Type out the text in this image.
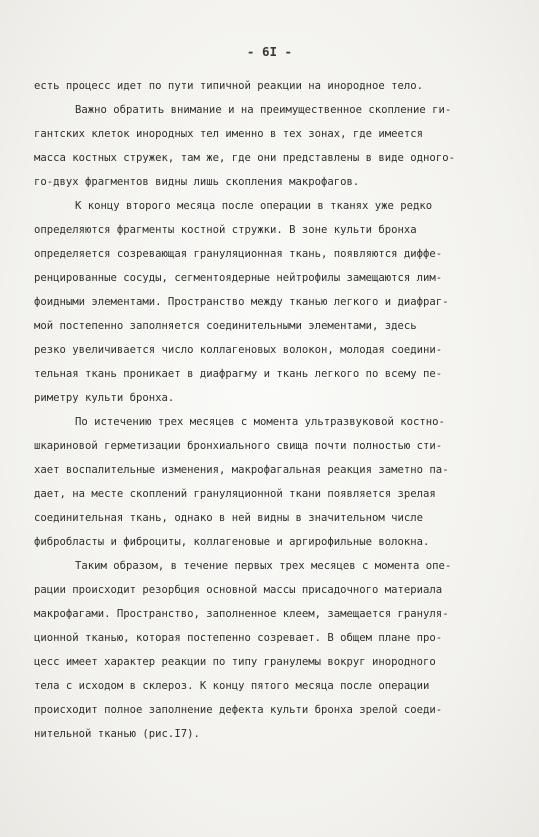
- 6I -
есть процесс идет по пути типичной реакции на инородное тело.
Важно обратить внимание и на преимущественное скопление ги-
гантских клеток инородных тел именно в тех зонах, где имеется
масса костных стружек, там же, где они представлены в виде одного-
го-двух фрагментов видны лишь скопления макрофагов.
К концу второго месяца после операции в тканях уже редко
определяются фрагменты костной стружки. В зоне культи бронха
определяется созревающая грануляционная ткань, появляются диффе-
ренцированные сосуды, сегментоядерные нейтрофилы замещаются лим-
фоидными элементами. Пространство между тканью легкого и диафраг-
мой постепенно заполняется соединительными элементами, здесь
резко увеличивается число коллагеновых волокон, молодая соедини-
тельная ткань проникает в диафрагму и ткань легкого по всему пе-
риметру культи бронха.
По истечению трех месяцев с момента ультразвуковой костно-
шкариновой герметизации бронхиального свища почти полностью сти-
хает воспалительные изменения, макрофагальная реакция заметно па-
дает, на месте скоплений грануляционной ткани появляется зрелая
соединительная ткань, однако в ней видны в значительном числе
фибробласты и фиброциты, коллагеновые и аргирофильные волокна.
Таким образом, в течение первых трех месяцев с момента опе-
рации происходит резорбция основной массы присадочного материала
макрофагами. Пространство, заполненное клеем, замещается грануля-
ционной тканью, которая постепенно созревает. В общем плане про-
цесс имеет характер реакции по типу гранулемы вокруг инородного
тела с исходом в склероз. К концу пятого месяца после операции
происходит полное заполнение дефекта культи бронха зрелой соеди-
нительной тканью (рис.I7).
